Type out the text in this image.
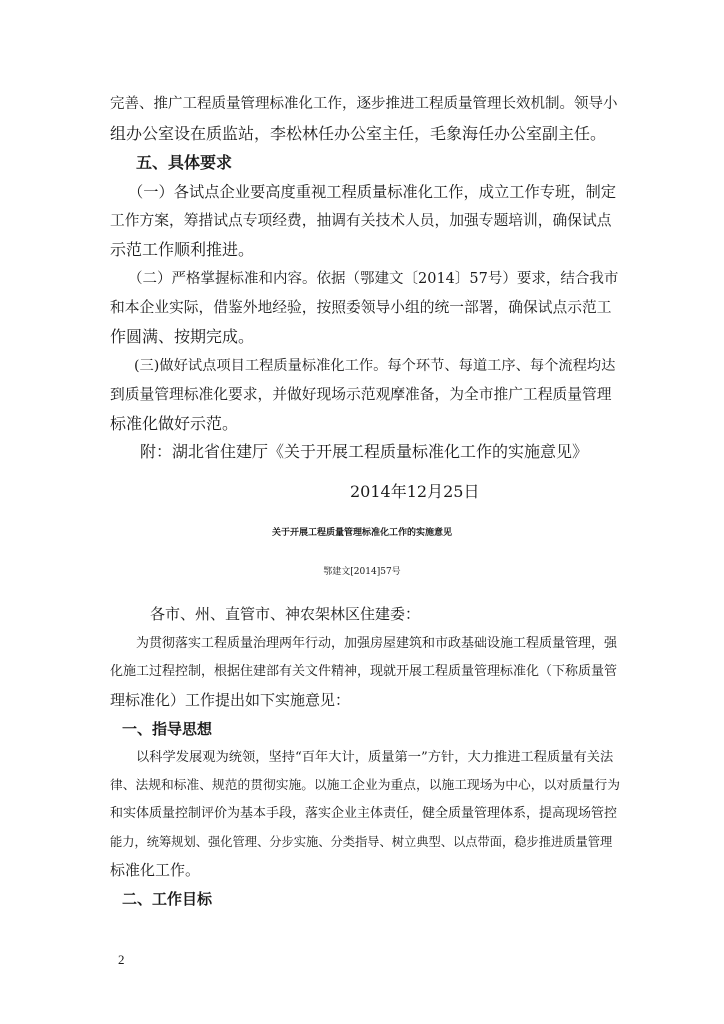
完善、推广工程质量管理标准化工作，逐步推进工程质量管理长效机制。领导小
组办公室设在质监站，李松林任办公室主任，毛象海任办公室副主任。
五、具体要求
（一）各试点企业要高度重视工程质量标准化工作，成立工作专班，制定
工作方案，筹措试点专项经费，抽调有关技术人员，加强专题培训，确保试点
示范工作顺利推进。
（二）严格掌握标准和内容。依据（鄂建文〔2014〕57号）要求，结合我市
和本企业实际，借鉴外地经验，按照委领导小组的统一部署，确保试点示范工
作圆满、按期完成。
(三)做好试点项目工程质量标准化工作。每个环节、每道工序、每个流程均达
到质量管理标准化要求，并做好现场示范观摩准备，为全市推广工程质量管理
标准化做好示范。
附：湖北省住建厅《关于开展工程质量标准化工作的实施意见》
2014年12月25日
关于开展工程质量管理标准化工作的实施意见
鄂建文[2014]57号
各市、州、直管市、神农架林区住建委：
为贯彻落实工程质量治理两年行动，加强房屋建筑和市政基础设施工程质量管理，强
化施工过程控制，根据住建部有关文件精神，现就开展工程质量管理标准化（下称质量管
理标准化）工作提出如下实施意见：
一、指导思想
以科学发展观为统领，坚持“百年大计，质量第一”方针，大力推进工程质量有关法
律、法规和标准、规范的贯彻实施。以施工企业为重点，以施工现场为中心，以对质量行为
和实体质量控制评价为基本手段，落实企业主体责任，健全质量管理体系，提高现场管控
能力，统筹规划、强化管理、分步实施、分类指导、树立典型、以点带面，稳步推进质量管理
标准化工作。
二、工作目标
2
